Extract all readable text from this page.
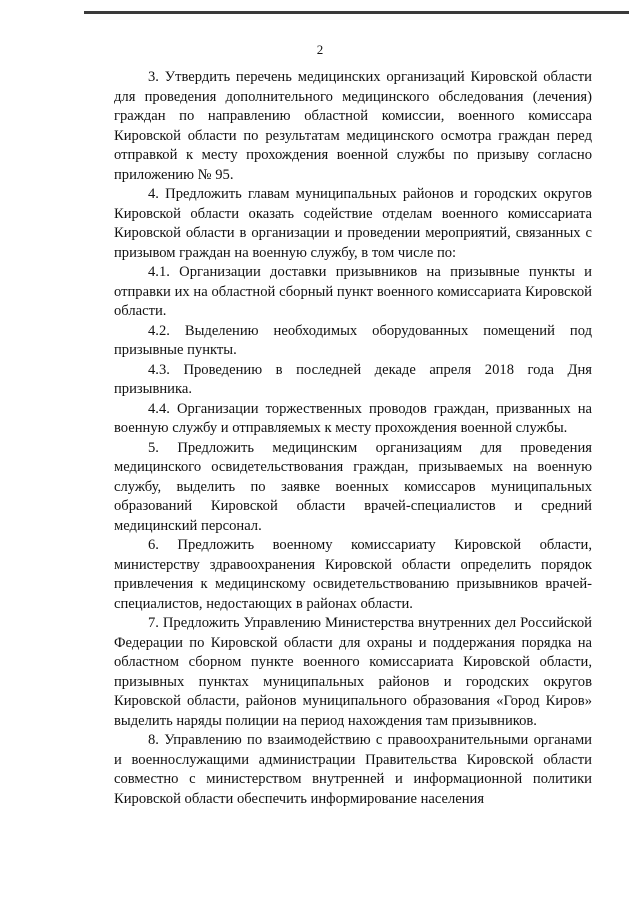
2

3. Утвердить перечень медицинских организаций Кировской области для проведения дополнительного медицинского обследования (лечения) граждан по направлению областной комиссии, военного комиссара Кировской области по результатам медицинского осмотра граждан перед отправкой к месту прохождения военной службы по призыву согласно приложению № 95.

4. Предложить главам муниципальных районов и городских округов Кировской области оказать содействие отделам военного комиссариата Кировской области в организации и проведении мероприятий, связанных с призывом граждан на военную службу, в том числе по:

4.1. Организации доставки призывников на призывные пункты и отправки их на областной сборный пункт военного комиссариата Кировской области.

4.2. Выделению необходимых оборудованных помещений под призывные пункты.

4.3. Проведению в последней декаде апреля 2018 года Дня призывника.

4.4. Организации торжественных проводов граждан, призванных на военную службу и отправляемых к месту прохождения военной службы.

5. Предложить медицинским организациям для проведения медицинского освидетельствования граждан, призываемых на военную службу, выделить по заявке военных комиссаров муниципальных образований Кировской области врачей-специалистов и средний медицинский персонал.

6. Предложить военному комиссариату Кировской области, министерству здравоохранения Кировской области определить порядок привлечения к медицинскому освидетельствованию призывников врачей-специалистов, недостающих в районах области.

7. Предложить Управлению Министерства внутренних дел Российской Федерации по Кировской области для охраны и поддержания порядка на областном сборном пункте военного комиссариата Кировской области, призывных пунктах муниципальных районов и городских округов Кировской области, районов муниципального образования «Город Киров» выделить наряды полиции на период нахождения там призывников.

8. Управлению по взаимодействию с правоохранительными органами и военнослужащими администрации Правительства Кировской области совместно с министерством внутренней и информационной политики Кировской области обеспечить информирование населения
